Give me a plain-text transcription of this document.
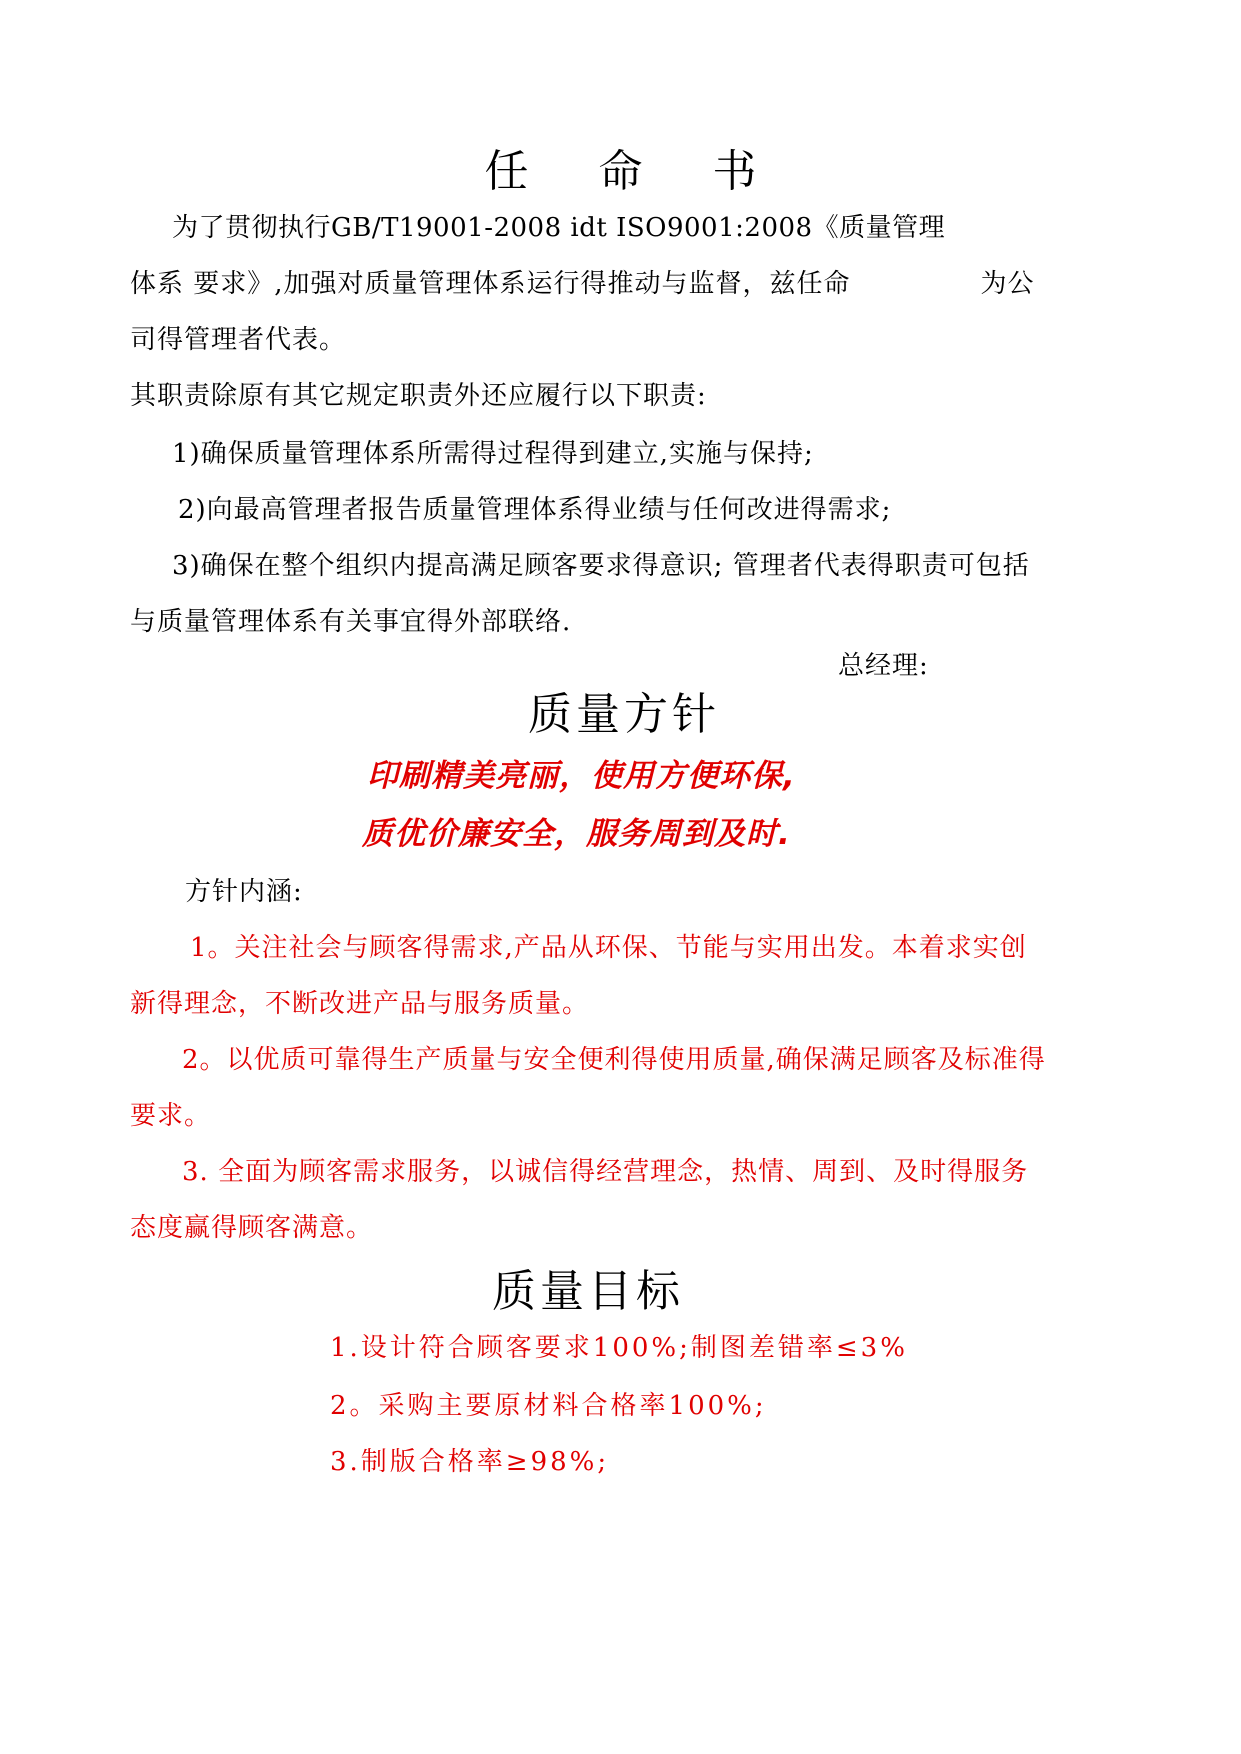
任 命 书
为了贯彻执行GB/T19001-2008 idt ISO9001:2008《质量管理
体系 要求》,加强对质量管理体系运行得推动与监督，兹任命	为公
司得管理者代表。
其职责除原有其它规定职责外还应履行以下职责:
1)确保质量管理体系所需得过程得到建立,实施与保持;
2)向最高管理者报告质量管理体系得业绩与任何改进得需求;
3)确保在整个组织内提高满足顾客要求得意识; 管理者代表得职责可包括
与质量管理体系有关事宜得外部联络.
总经理:
质量方针
印刷精美亮丽，使用方便环保,
质优价廉安全，服务周到及时.
方针内涵:
1。关注社会与顾客得需求,产品从环保、节能与实用出发。本着求实创
新得理念，不断改进产品与服务质量。
2。以优质可靠得生产质量与安全便利得使用质量,确保满足顾客及标准得
要求。
3. 全面为顾客需求服务，以诚信得经营理念，热情、周到、及时得服务
态度赢得顾客满意。
质量目标
1.设计符合顾客要求100%;制图差错率≤3%
2。采购主要原材料合格率100%;
3.制版合格率≥98%;
